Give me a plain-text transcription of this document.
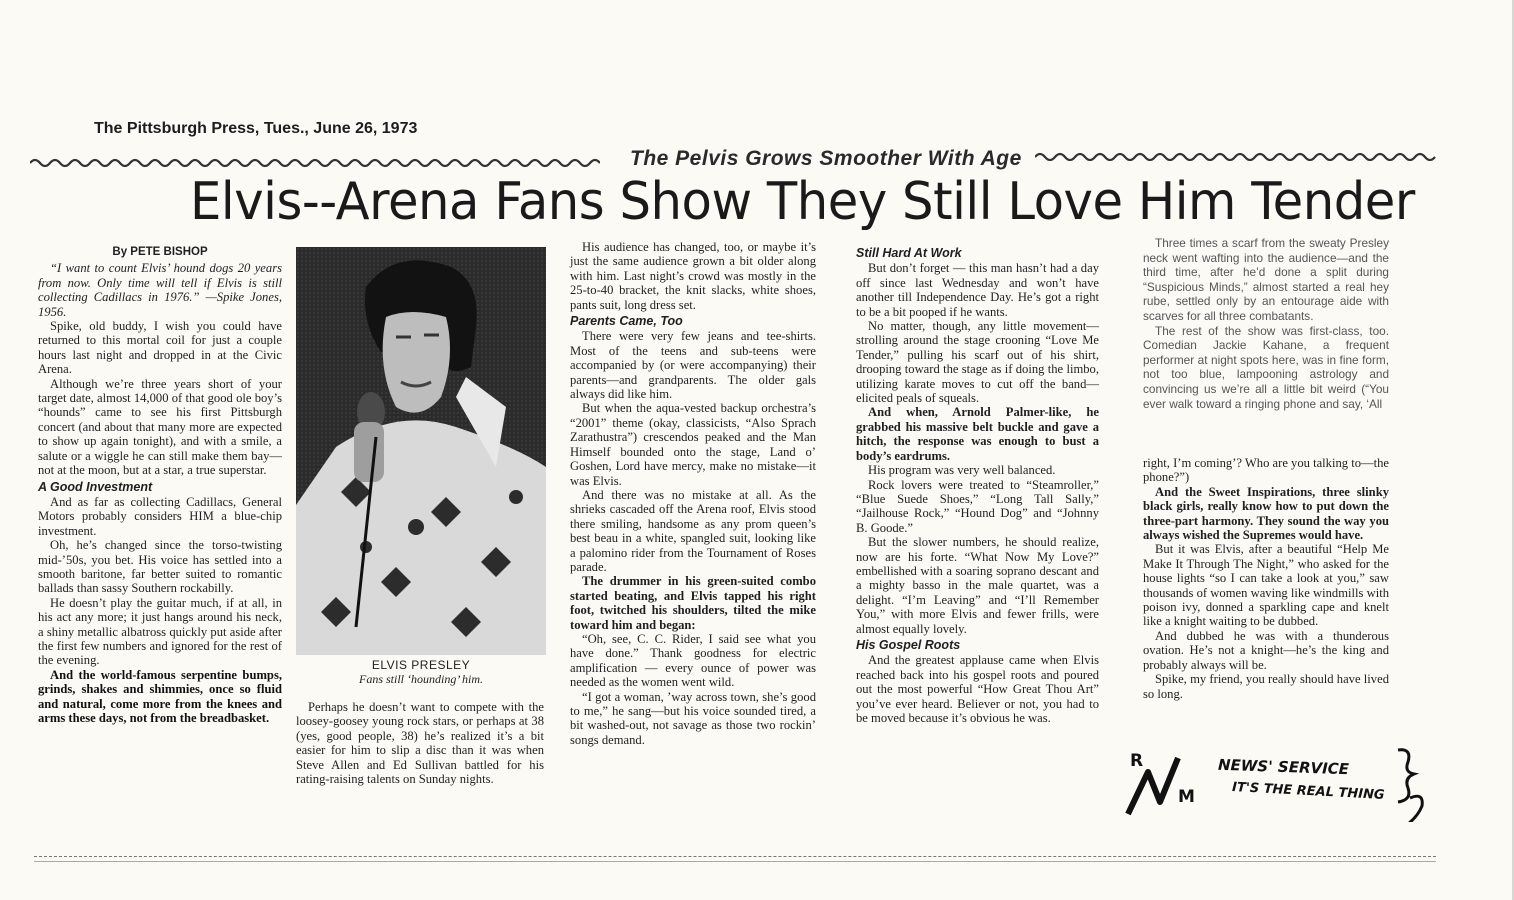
The Pittsburgh Press, Tues., June 26, 1973
The Pelvis Grows Smoother With Age
Elvis--Arena Fans Show They Still Love Him Tender
By PETE BISHOP

“I want to count Elvis’ hound dogs 20 years from now. Only time will tell if Elvis is still collecting Cadillacs in 1976.” —Spike Jones, 1956.

Spike, old buddy, I wish you could have returned to this mortal coil for just a couple hours last night and dropped in at the Civic Arena.

Although we’re three years short of your target date, almost 14,000 of that good ole boy’s “hounds” came to see his first Pittsburgh concert (and about that many more are expected to show up again tonight), and with a smile, a salute or a wiggle he can still make them bay—not at the moon, but at a star, a true superstar.

A Good Investment

And as far as collecting Cadillacs, General Motors probably considers HIM a blue-chip investment.

Oh, he’s changed since the torso-twisting mid-’50s, you bet. His voice has settled into a smooth baritone, far better suited to romantic ballads than sassy Southern rockabilly.

He doesn’t play the guitar much, if at all, in his act any more; it just hangs around his neck, a shiny metallic albatross quickly put aside after the first few numbers and ignored for the rest of the evening.

And the world-famous serpentine bumps, grinds, shakes and shimmies, once so fluid and natural, come more from the knees and arms these days, not from the breadbasket.

ELVIS PRESLEY
Fans still ‘hounding’ him.

Perhaps he doesn’t want to compete with the loosey-goosey young rock stars, or perhaps at 38 (yes, good people, 38) he’s realized it’s a bit easier for him to slip a disc than it was when Steve Allen and Ed Sullivan battled for his rating-raising talents on Sunday nights.

His audience has changed, too, or maybe it’s just the same audience grown a bit older along with him. Last night’s crowd was mostly in the 25-to-40 bracket, the knit slacks, white shoes, pants suit, long dress set.

Parents Came, Too

There were very few jeans and tee-shirts. Most of the teens and sub-teens were accompanied by (or were accompanying) their parents—and grandparents. The older gals always did like him.

But when the aqua-vested backup orchestra’s “2001” theme (okay, classicists, “Also Sprach Zarathustra”) crescendos peaked and the Man Himself bounded onto the stage, Land o’ Goshen, Lord have mercy, make no mistake—it was Elvis.

And there was no mistake at all. As the shrieks cascaded off the Arena roof, Elvis stood there smiling, handsome as any prom queen’s best beau in a white, spangled suit, looking like a palomino rider from the Tournament of Roses parade.

The drummer in his green-suited combo started beating, and Elvis tapped his right foot, twitched his shoulders, tilted the mike toward him and began:

“Oh, see, C. C. Rider, I said see what you have done.” Thank goodness for electric amplification — every ounce of power was needed as the women went wild.

“I got a woman, ’way across town, she’s good to me,” he sang—but his voice sounded tired, a bit washed-out, not savage as those two rockin’ songs demand.

Still Hard At Work

But don’t forget — this man hasn’t had a day off since last Wednesday and won’t have another till Independence Day. He’s got a right to be a bit pooped if he wants.

No matter, though, any little movement—strolling around the stage crooning “Love Me Tender,” pulling his scarf out of his shirt, drooping toward the stage as if doing the limbo, utilizing karate moves to cut off the band—elicited peals of squeals.

And when, Arnold Palmer-like, he grabbed his massive belt buckle and gave a hitch, the response was enough to bust a body’s eardrums.

His program was very well balanced.

Rock lovers were treated to “Steamroller,” “Blue Suede Shoes,” “Long Tall Sally,” “Jailhouse Rock,” “Hound Dog” and “Johnny B. Goode.”

But the slower numbers, he should realize, now are his forte. “What Now My Love?” embellished with a soaring soprano descant and a mighty basso in the male quartet, was a delight. “I’m Leaving” and “I’ll Remember You,” with more Elvis and fewer frills, were almost equally lovely.

His Gospel Roots

And the greatest applause came when Elvis reached back into his gospel roots and poured out the most powerful “How Great Thou Art” you’ve ever heard. Believer or not, you had to be moved because it’s obvious he was.

Three times a scarf from the sweaty Presley neck went wafting into the audience—and the third time, after he’d done a split during “Suspicious Minds,” almost started a real hey rube, settled only by an entourage aide with scarves for all three combatants.

The rest of the show was first-class, too. Comedian Jackie Kahane, a frequent performer at night spots here, was in fine form, not too blue, lampooning astrology and convincing us we’re all a little bit weird (“You ever walk toward a ringing phone and say, ‘All

right, I’m coming’? Who are you talking to—the phone?”)

And the Sweet Inspirations, three slinky black girls, really know how to put down the three-part harmony. They sound the way you always wished the Supremes would have.

But it was Elvis, after a beautiful “Help Me Make It Through The Night,” who asked for the house lights “so I can take a look at you,” saw thousands of women waving like windmills with poison ivy, donned a sparkling cape and knelt like a knight waiting to be dubbed.

And dubbed he was with a thunderous ovation. He’s not a knight—he’s the king and probably always will be.

Spike, my friend, you really should have lived so long.

R
M
NEWS' SERVICE
IT'S THE REAL THING
